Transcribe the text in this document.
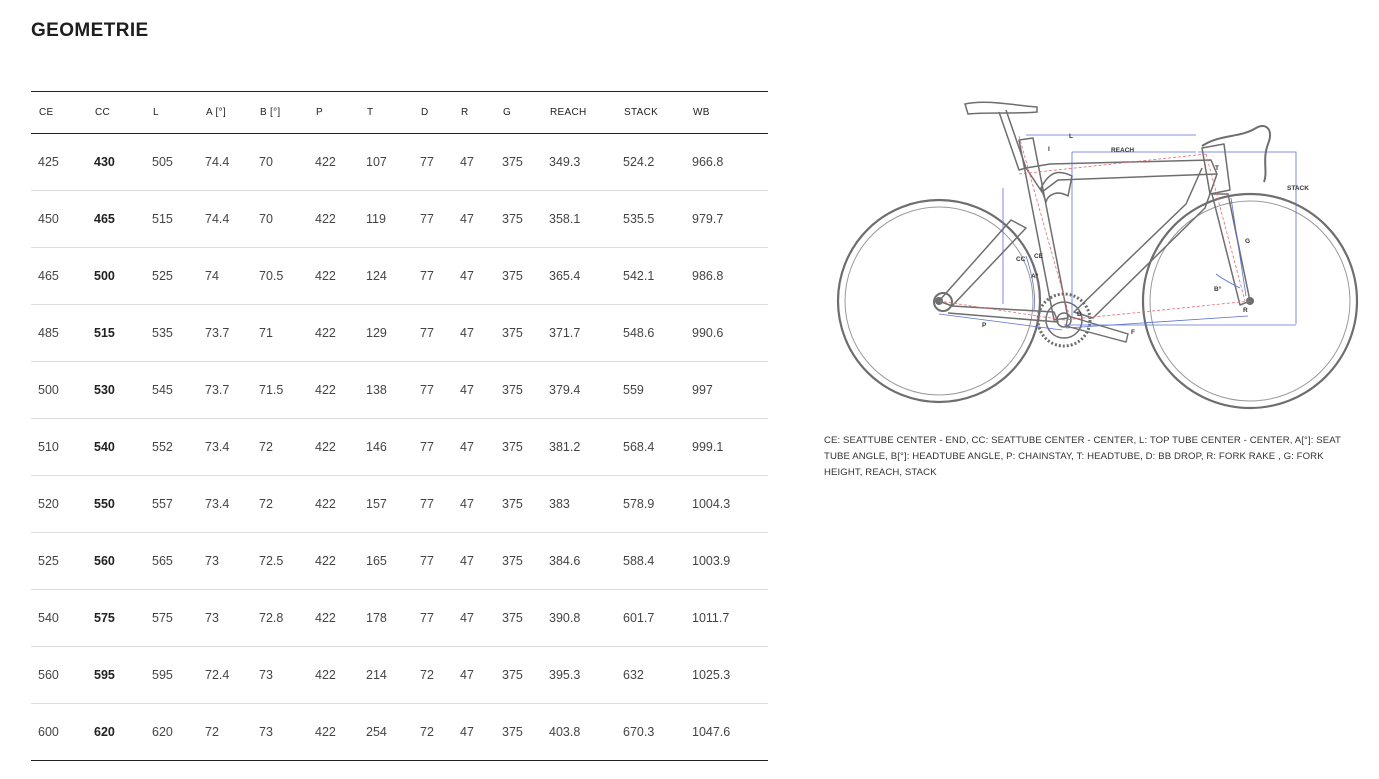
GEOMETRIE
CE	CC	L	A [°]	B [°]	P	T	D	R	G	REACH	STACK	WB
425	430	505	74.4	70	422	107	77	47	375	349.3	524.2	966.8
450	465	515	74.4	70	422	119	77	47	375	358.1	535.5	979.7
465	500	525	74	70.5	422	124	77	47	375	365.4	542.1	986.8
485	515	535	73.7	71	422	129	77	47	375	371.7	548.6	990.6
500	530	545	73.7	71.5	422	138	77	47	375	379.4	559	997
510	540	552	73.4	72	422	146	77	47	375	381.2	568.4	999.1
520	550	557	73.4	72	422	157	77	47	375	383	578.9	1004.3
525	560	565	73	72.5	422	165	77	47	375	384.6	588.4	1003.9
540	575	575	73	72.8	422	178	77	47	375	390.8	601.7	1011.7
560	595	595	72.4	73	422	214	72	47	375	395.3	632	1025.3
600	620	620	72	73	422	254	72	47	375	403.8	670.3	1047.6
L
I	REACH
STACK
T
G
CC CE
A°
B°
D
R
P
F
CE: SEATTUBE CENTER - END, CC: SEATTUBE CENTER - CENTER, L: TOP TUBE CENTER - CENTER, A[°]: SEAT TUBE ANGLE, B[°]: HEADTUBE ANGLE, P: CHAINSTAY, T: HEADTUBE, D: BB DROP, R: FORK RAKE , G: FORK HEIGHT, REACH, STACK
